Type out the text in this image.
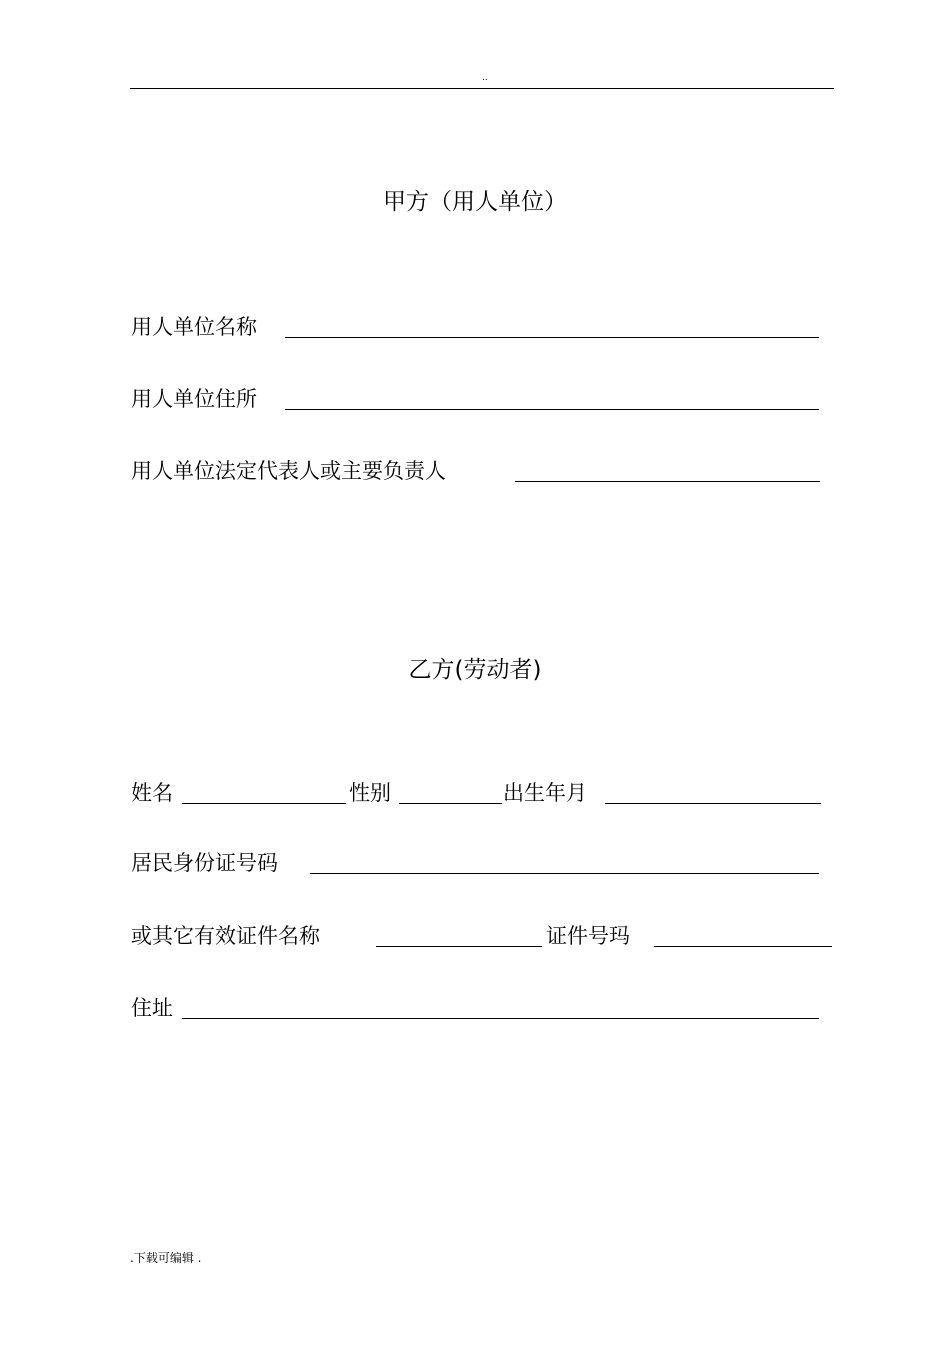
..
甲方（用人单位）
用人单位名称
用人单位住所
用人单位法定代表人或主要负责人
乙方(劳动者)
姓名	性别	出生年月
居民身份证号码
或其它有效证件名称	证件号玛
住址
.下载可编辑 .
